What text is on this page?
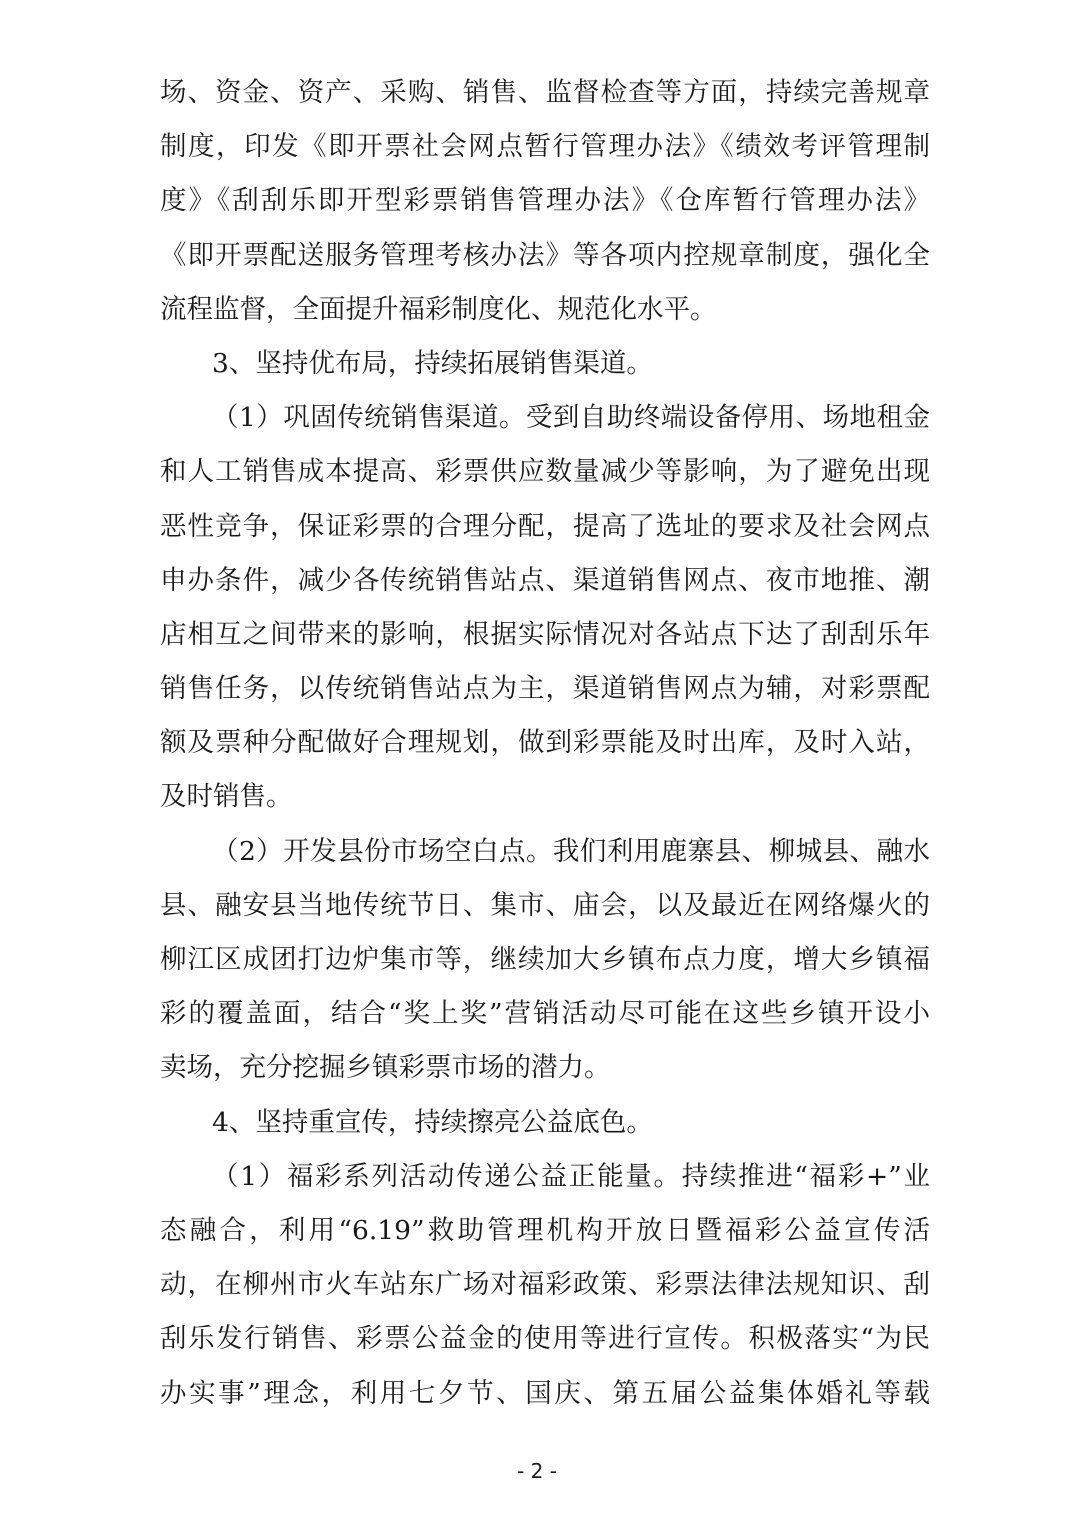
场、资金、资产、采购、销售、监督检查等方面，持续完善规章
制度，印发《即开票社会网点暂行管理办法》《绩效考评管理制
度》《刮刮乐即开型彩票销售管理办法》《仓库暂行管理办法》
《即开票配送服务管理考核办法》等各项内控规章制度，强化全
流程监督，全面提升福彩制度化、规范化水平。
3、坚持优布局，持续拓展销售渠道。
（1）巩固传统销售渠道。受到自助终端设备停用、场地租金
和人工销售成本提高、彩票供应数量减少等影响，为了避免出现
恶性竞争，保证彩票的合理分配，提高了选址的要求及社会网点
申办条件，减少各传统销售站点、渠道销售网点、夜市地推、潮
店相互之间带来的影响，根据实际情况对各站点下达了刮刮乐年
销售任务，以传统销售站点为主，渠道销售网点为辅，对彩票配
额及票种分配做好合理规划，做到彩票能及时出库，及时入站，
及时销售。
（2）开发县份市场空白点。我们利用鹿寨县、柳城县、融水
县、融安县当地传统节日、集市、庙会，以及最近在网络爆火的
柳江区成团打边炉集市等，继续加大乡镇布点力度，增大乡镇福
彩的覆盖面，结合“奖上奖”营销活动尽可能在这些乡镇开设小
卖场，充分挖掘乡镇彩票市场的潜力。
4、坚持重宣传，持续擦亮公益底色。
（1）福彩系列活动传递公益正能量。持续推进“福彩+”业
态融合，利用“6.19”救助管理机构开放日暨福彩公益宣传活
动，在柳州市火车站东广场对福彩政策、彩票法律法规知识、刮
刮乐发行销售、彩票公益金的使用等进行宣传。积极落实“为民
办实事”理念，利用七夕节、国庆、第五届公益集体婚礼等载
- 2 -
